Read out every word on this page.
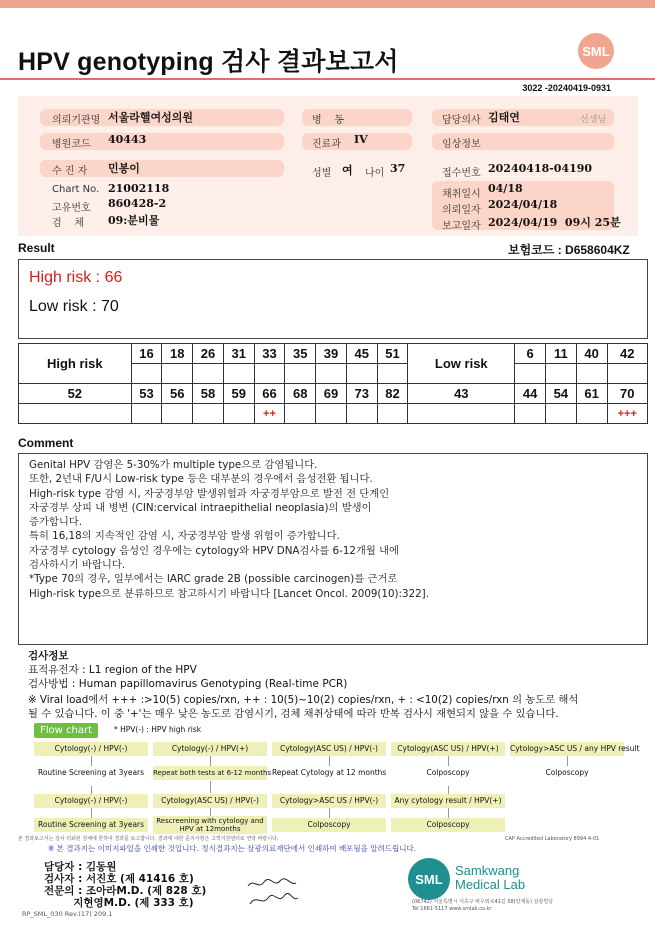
HPV genotyping 검사 결과보고서	SML
3022 -20240419-0931
의뢰기관명 서울라헬여성의원
병원코드 40443
수 진 자 민봉이
Chart No. 21002118
고유번호 860428-2
검    체 09:분비물
병    동
진료과 IV
성별 여 나이 37
담당의사 김태연	선생님
임상정보
접수번호 20240418-04190
채취일시 04/18
의뢰일자 2024/04/18
보고일자 2024/04/19  09시 25분
Result	보험코드 : D658604KZ
High risk : 66
Low risk : 70
High risk	16	18	26	31	33	35	39	45	51	Low risk	6	11	40	42

52	53	56	58	59	66	68	69	73	82	43	44	54	61	70
					++									+++
Comment
Genital HPV 감염은 5-30%가 multiple type으로 감염됩니다.
또한, 2년내 F/U시 Low-risk type 등은 대부분의 경우에서 음성전환 됩니다.
High-risk type 감염 시, 자궁경부암 발생위험과 자궁경부암으로 발전 전 단계인
자궁경부 상피 내 병변 (CIN:cervical intraepithelial neoplasia)의 발생이
증가합니다.
특히 16,18의 지속적인 감염 시, 자궁경부암 발생 위험이 증가합니다.
자궁경부 cytology 음성인 경우에는 cytology와 HPV DNA검사를 6-12개월 내에
검사하시기 바랍니다.
*Type 70의 경우, 일부에서는 IARC grade 2B (possible carcinogen)를 근거로
High-risk type으로 분류하므로 참고하시기 바랍니다 [Lancet Oncol. 2009(10):322].
검사정보
표적유전자 : L1 region of the HPV
검사방법 : Human papillomavirus Genotyping (Real-time PCR)
※ Viral load에서 +++ :>10(5) copies/rxn, ++ : 10(5)~10(2) copies/rxn, + : <10(2) copies/rxn 의 농도로 해석
될 수 있습니다. 이 중 '+'는 매우 낮은 농도로 감염시기, 검체 채취상태에 따라 반복 검사시 재현되지 않을 수 있습니다.
Flow chart	* HPV(-) : HPV high risk
Cytology(-) / HPV(-)	Cytology(-) / HPV(+)	Cytology(ASC US) / HPV(-)	Cytology(ASC US) / HPV(+)	Cytology>ASC US / any HPV result
Routine Screening at 3years	Repeat both tests at 6-12 months Repeat Cytology at 12 months	Colposcopy	Colposcopy
Cytology(-) / HPV(-)	Cytology(ASC US) / HPV(-)	Cytology>ASC US / HPV(-)	Any cytology result / HPV(+)
Routine Screening at 3years	Rescreening with cytology and HPV at 12months	Colposcopy	Colposcopy
본 결과보고서는 검사 의뢰된 검체에 한하여 결과를 보고합니다. 결과에 대한 문의사항은 고객지원센터로 연락 바랍니다.	CAP Accredited Laboratory 8994 4-01
※ 본 결과지는 이미지파일을 인쇄한 것입니다. 정식결과지는 삼광의료재단에서 인쇄하여 배포됨을 알려드립니다.
담당자 : 김동원
검사자 : 서진호 (제 41416 호)
전문의 : 조아라M.D. (제 828 호)
지현영M.D. (제 333 호)
SML
Samkwang
Medical Lab
(06742) 서울특별시 서초구 바우뫼로41길 58(양재동) 삼광빌딩
Tel 1661-5117 www.smlab.co.kr
RP_SML_030 Rev.(17) 209.1
